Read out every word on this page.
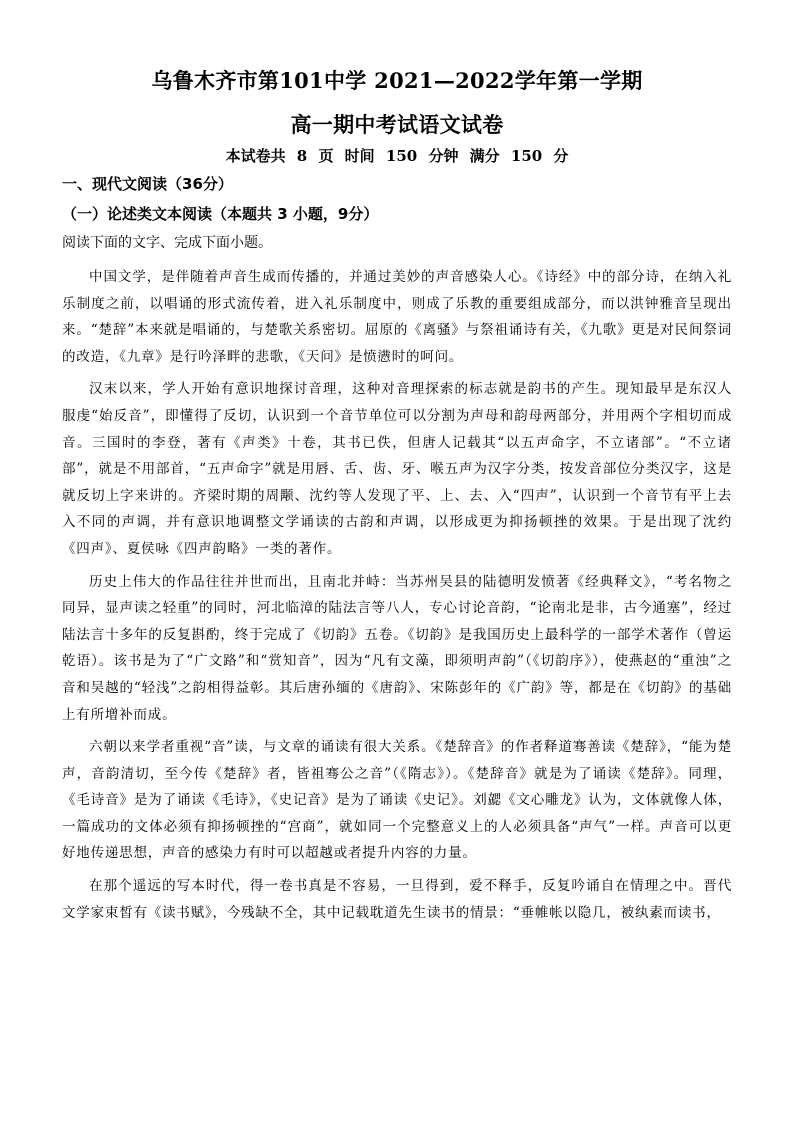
乌鲁木齐市第101中学 2021—2022学年第一学期
高一期中考试语文试卷
本试卷共 8 页 时间 150 分钟 满分 150 分
一、现代文阅读（36分）
（一）论述类文本阅读（本题共 3 小题，9分）
阅读下面的文字、完成下面小题。

中国文学，是伴随着声音生成而传播的，并通过美妙的声音感染人心。《诗经》中的部分诗，在纳入礼乐制度之前，以唱诵的形式流传着，进入礼乐制度中，则成了乐教的重要组成部分，而以洪钟雅音呈现出来。“楚辞”本来就是唱诵的，与楚歌关系密切。屈原的《离骚》与祭祖诵诗有关，《九歌》更是对民间祭词的改造，《九章》是行吟泽畔的悲歌，《天问》是愤懑时的呵问。

汉末以来，学人开始有意识地探讨音理，这种对音理探索的标志就是韵书的产生。现知最早是东汉人服虔“始反音”，即懂得了反切，认识到一个音节单位可以分割为声母和韵母两部分，并用两个字相切而成音。三国时的李登，著有《声类》十卷，其书已佚，但唐人记载其“以五声命字，不立诸部”。“不立诸部”，就是不用部首，“五声命字”就是用唇、舌、齿、牙、喉五声为汉字分类，按发音部位分类汉字，这是就反切上字来讲的。齐梁时期的周颙、沈约等人发现了平、上、去、入“四声”，认识到一个音节有平上去入不同的声调，并有意识地调整文学诵读的古韵和声调，以形成更为抑扬顿挫的效果。于是出现了沈约《四声》、夏侯咏《四声韵略》一类的著作。

历史上伟大的作品往往并世而出，且南北并峙：当苏州吴县的陆德明发愤著《经典释文》，“考名物之同异，显声读之轻重”的同时，河北临漳的陆法言等八人，专心讨论音韵，“论南北是非，古今通塞”，经过陆法言十多年的反复斟酌，终于完成了《切韵》五卷。《切韵》是我国历史上最科学的一部学术著作（曾运乾语）。该书是为了“广文路”和“赏知音”，因为“凡有文藻，即须明声韵”（《切韵序》），使燕赵的“重浊”之音和吴越的“轻浅”之韵相得益彰。其后唐孙缅的《唐韵》、宋陈彭年的《广韵》等，都是在《切韵》的基础上有所增补而成。

六朝以来学者重视“音”读，与文章的诵读有很大关系。《楚辞音》的作者释道骞善读《楚辞》，“能为楚声，音韵清切，至今传《楚辞》者，皆祖骞公之音”（《隋志》）。《楚辞音》就是为了诵读《楚辞》。同理，《毛诗音》是为了诵读《毛诗》，《史记音》是为了诵读《史记》。刘勰《文心雕龙》认为，文体就像人体，一篇成功的文体必须有抑扬顿挫的“宫商”，就如同一个完整意义上的人必须具备“声气”一样。声音可以更好地传递思想，声音的感染力有时可以超越或者提升内容的力量。

在那个遥远的写本时代，得一卷书真是不容易，一旦得到，爱不释手，反复吟诵自在情理之中。晋代文学家束皙有《读书赋》，今残缺不全，其中记载耽道先生读书的情景：“垂帷帐以隐几，被纨素而读书，
